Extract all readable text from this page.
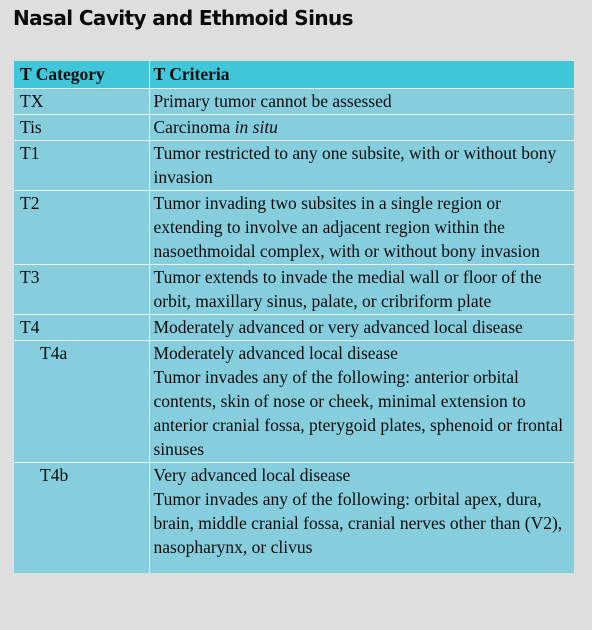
Nasal Cavity and Ethmoid Sinus
T Category	T Criteria
TX	Primary tumor cannot be assessed
Tis	Carcinoma in situ
T1	Tumor restricted to any one subsite, with or without bony invasion
T2	Tumor invading two subsites in a single region or extending to involve an adjacent region within the nasoethmoidal complex, with or without bony invasion
T3	Tumor extends to invade the medial wall or floor of the orbit, maxillary sinus, palate, or cribriform plate
T4	Moderately advanced or very advanced local disease
T4a	Moderately advanced local disease
Tumor invades any of the following: anterior orbital contents, skin of nose or cheek, minimal extension to anterior cranial fossa, pterygoid plates, sphenoid or frontal sinuses

T4b	Very advanced local disease
Tumor invades any of the following: orbital apex, dura, brain, middle cranial fossa, cranial nerves other than (V2), nasopharynx, or clivus
